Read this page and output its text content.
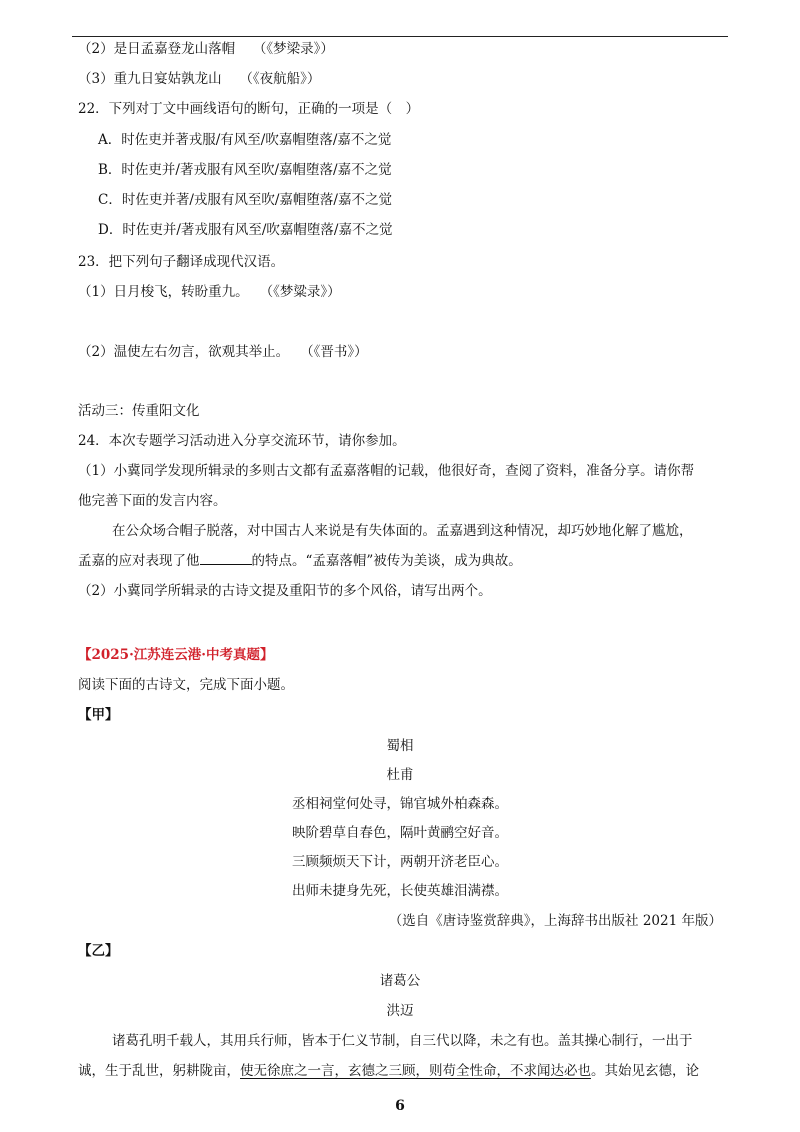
（2）是日孟嘉登龙山落帽　 （《梦梁录》）
（3）重九日宴姑孰龙山　 （《夜航船》）
22．下列对丁文中画线语句的断句，正确的一项是（　）
A．时佐吏并著戎服/有风至/吹嘉帽堕落/嘉不之觉
B．时佐吏并/著戎服有风至吹/嘉帽堕落/嘉不之觉
C．时佐吏并著/戎服有风至吹/嘉帽堕落/嘉不之觉
D．时佐吏并/著戎服有风至/吹嘉帽堕落/嘉不之觉
23．把下列句子翻译成现代汉语。
（1）日月梭飞，转盼重九。　 （《梦粱录》）
（2）温使左右勿言，欲观其举止。　 （《晋书》）
活动三：传重阳文化
24．本次专题学习活动进入分享交流环节，请你参加。
（1）小冀同学发现所辑录的多则古文都有孟嘉落帽的记载，他很好奇，查阅了资料，准备分享。请你帮
他完善下面的发言内容。
在公众场合帽子脱落，对中国古人来说是有失体面的。孟嘉遇到这种情况，却巧妙地化解了尴尬，
孟嘉的应对表现了他	的特点。“孟嘉落帽”被传为美谈，成为典故。
（2）小冀同学所辑录的古诗文提及重阳节的多个风俗，请写出两个。
【2025·江苏连云港·中考真题】
阅读下面的古诗文，完成下面小题。
【甲】
蜀相
杜甫
丞相祠堂何处寻，锦官城外柏森森。
映阶碧草自春色，隔叶黄鹂空好音。
三顾频烦天下计，两朝开济老臣心。
出师未捷身先死，长使英雄泪满襟。
（选自《唐诗鉴赏辞典》，上海辞书出版社 2021 年版）
【乙】
诸葛公
洪迈
诸葛孔明千载人，其用兵行师，皆本于仁义节制，自三代以降，未之有也。盖其操心制行，一出于
诚，生于乱世，躬耕陇亩，使无徐庶之一言，玄德之三顾，则苟全性命，不求闻达必也。其始见玄德，论
6
